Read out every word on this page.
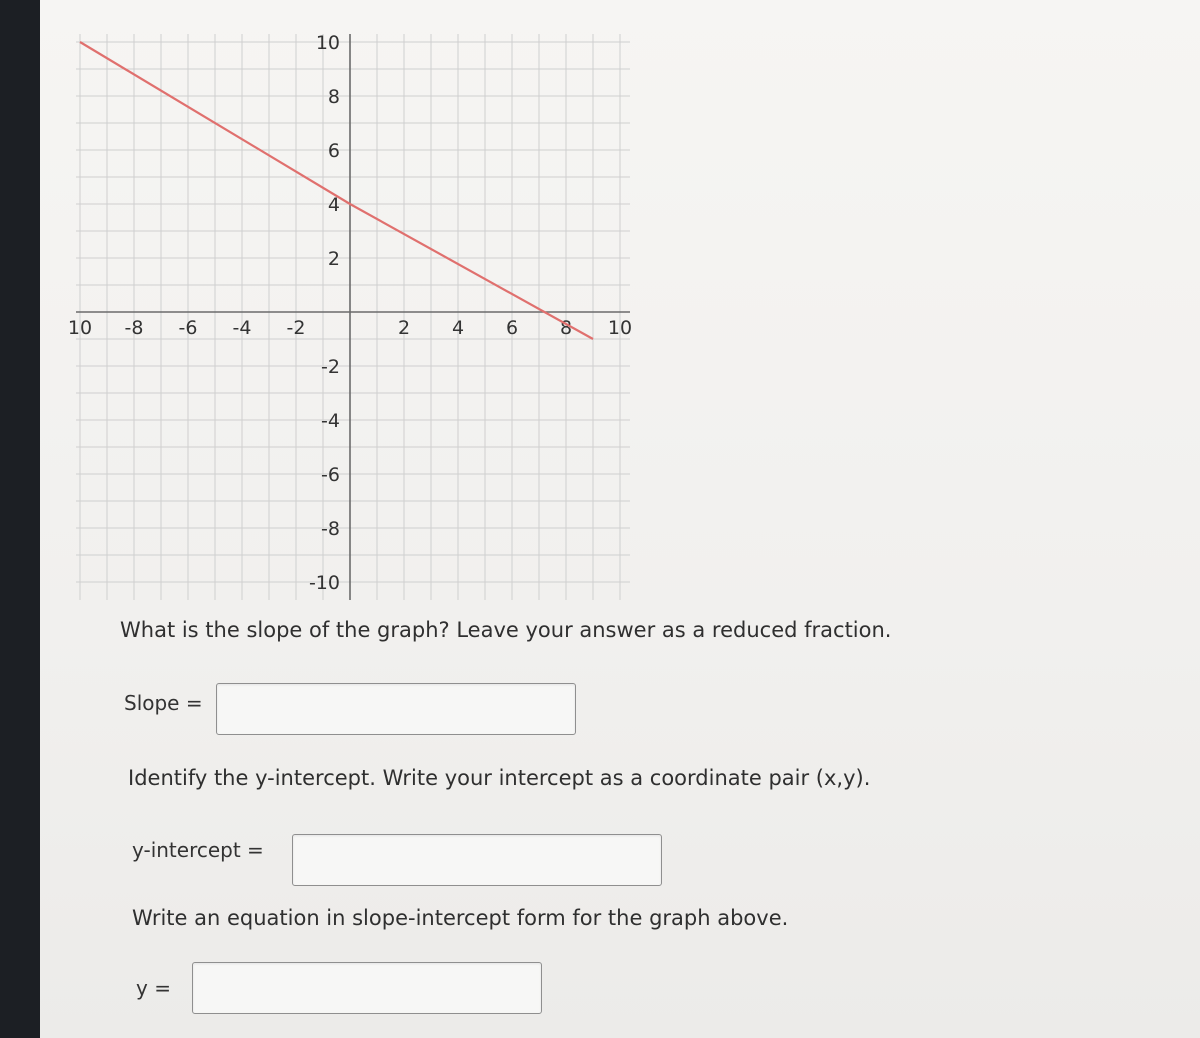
10 -8 -6 -4 -2	2 4 6 8 10
10
8
6
4
2
-2
-4
-6
-8
-10
What is the slope of the graph? Leave your answer as a reduced fraction.
Slope =
Identify the y-intercept. Write your intercept as a coordinate pair (x,y).
y-intercept =
Write an equation in slope-intercept form for the graph above.
y =
